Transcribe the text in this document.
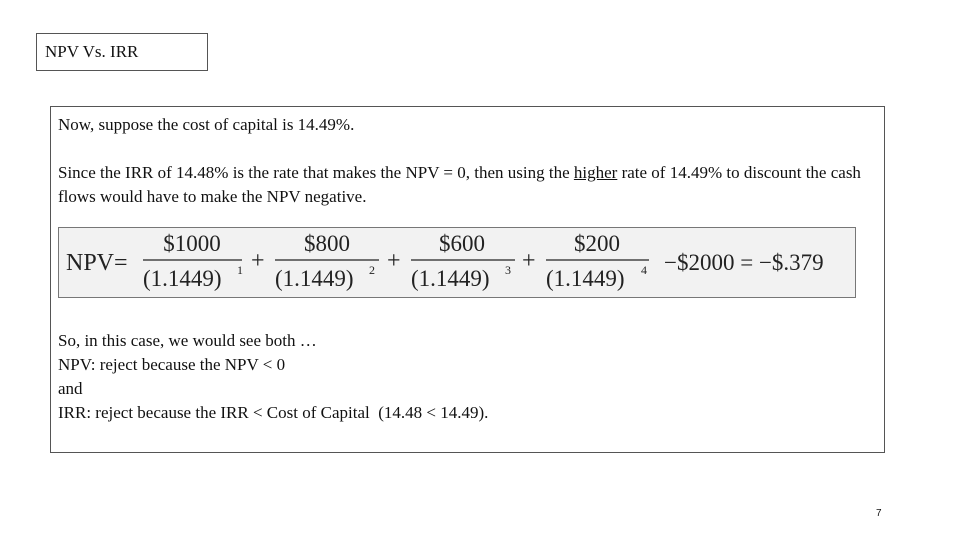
NPV Vs. IRR

Now, suppose the cost of capital is 14.49%.

Since the IRR of 14.48% is the rate that makes the NPV = 0, then using the higher rate of 14.49% to discount the cash flows would have to make the NPV negative.

NPV=
$1000
(1.1449) 1 +
$800
(1.1449) 2 +
$600
(1.1449) 3 +
$200
(1.1449) 4 −$2000 = −$.379
So, in this case, we would see both …
NPV: reject because the NPV < 0
and
IRR: reject because the IRR < Cost of Capital  (14.48 < 14.49).
7
